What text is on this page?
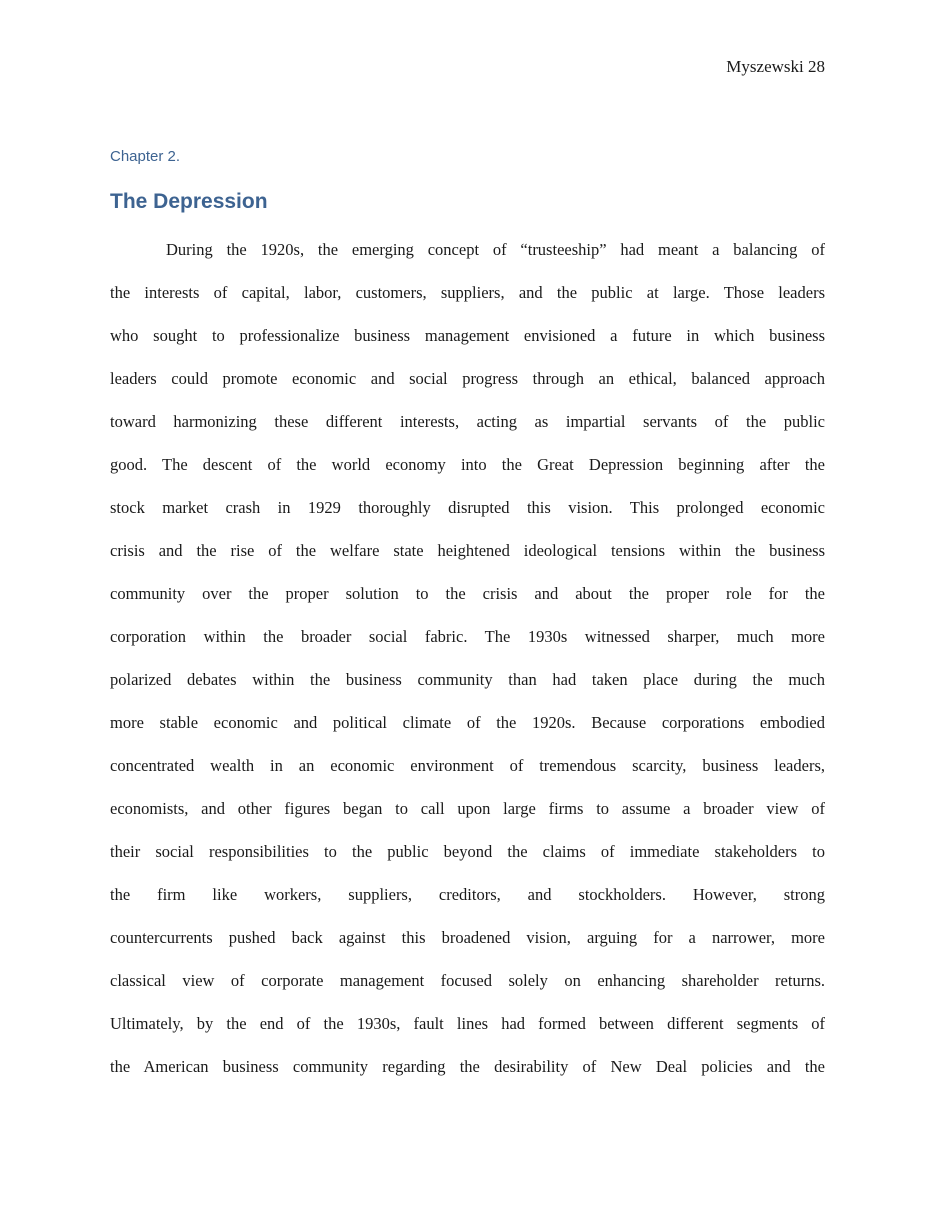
Myszewski 28
Chapter 2.
The Depression
During the 1920s, the emerging concept of “trusteeship” had meant a balancing of
the interests of capital, labor, customers, suppliers, and the public at large. Those leaders
who sought to professionalize business management envisioned a future in which business
leaders could promote economic and social progress through an ethical, balanced approach
toward harmonizing these different interests, acting as impartial servants of the public
good. The descent of the world economy into the Great Depression beginning after the
stock market crash in 1929 thoroughly disrupted this vision. This prolonged economic
crisis and the rise of the welfare state heightened ideological tensions within the business
community over the proper solution to the crisis and about the proper role for the
corporation within the broader social fabric. The 1930s witnessed sharper, much more
polarized debates within the business community than had taken place during the much
more stable economic and political climate of the 1920s. Because corporations embodied
concentrated wealth in an economic environment of tremendous scarcity, business leaders,
economists, and other figures began to call upon large firms to assume a broader view of
their social responsibilities to the public beyond the claims of immediate stakeholders to
the firm like workers, suppliers, creditors, and stockholders. However, strong
countercurrents pushed back against this broadened vision, arguing for a narrower, more
classical view of corporate management focused solely on enhancing shareholder returns.
Ultimately, by the end of the 1930s, fault lines had formed between different segments of
the American business community regarding the desirability of New Deal policies and the
